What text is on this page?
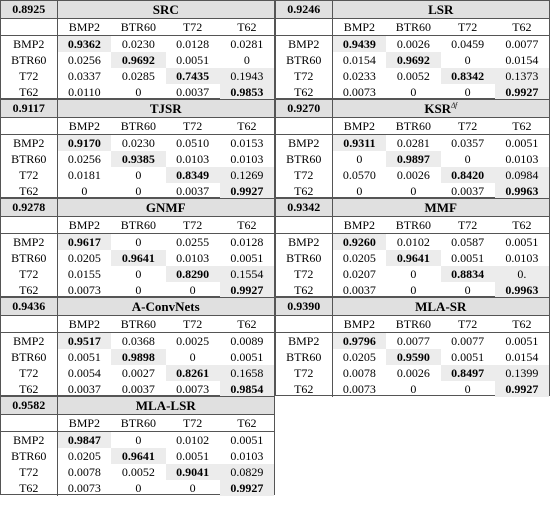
0.8925	SRC			
	BMP2	BTR60	T72	T62
BMP2	0.9362	0.0230	0.0128	0.0281
BTR60	0.0256	0.9692	0.0051	0
T72	0.0337	0.0285	0.7435	0.1943
T62	0.0110	0	0.0037	0.9853
0.9246	LSR			
	BMP2	BTR60	T72	T62
BMP2	0.9439	0.0026	0.0459	0.0077
BTR60	0.0154	0.9692	0	0.0154
T72	0.0233	0.0052	0.8342	0.1373
T62	0.0073	0	0	0.9927
0.9117	TJSR			
	BMP2	BTR60	T72	T62
BMP2	0.9170	0.0230	0.0510	0.0153
BTR60	0.0256	0.9385	0.0103	0.0103
T72	0.0181	0	0.8349	0.1269
T62	0	0	0.0037	0.9927
0.9270	$KSR^{\Delta f}$
	BMP2	BTR60	T72	T62
BMP2	0.9311	0.0281	0.0357	0.0051
BTR60	0	0.9897	0	0.0103
T72	0.0570	0.0026	0.8420	0.0984
T62	0	0	0.0037	0.9963
0.9278	GNMF			
	BMP2	BTR60	T72	T62
BMP2	0.9617	0	0.0255	0.0128
BTR60	0.0205	0.9641	0.0103	0.0051
T72	0.0155	0	0.8290	0.1554
T62	0.0073	0	0	0.9927
0.9342	MMF			
	BMP2	BTR60	T72	T62
BMP2	0.9260	0.0102	0.0587	0.0051
BTR60	0.0205	0.9641	0.0051	0.0103
T72	0.0207	0	0.8834	0.
T62	0.0037	0	0	0.9963
0.9436	A-ConvNets			
	BMP2	BTR60	T72	T62
BMP2	0.9517	0.0368	0.0025	0.0089
BTR60	0.0051	0.9898	0	0.0051
T72	0.0054	0.0027	0.8261	0.1658
T62	0.0037	0.0037	0.0073	0.9854
0.9390	MLA-SR			
	BMP2	BTR60	T72	T62
BMP2	0.9796	0.0077	0.0077	0.0051
BTR60	0.0205	0.9590	0.0051	0.0154
T72	0.0078	0.0026	0.8497	0.1399
T62	0.0073	0	0	0.9927
0.9582	MLA-LSR			
	BMP2	BTR60	T72	T62
BMP2	0.9847	0	0.0102	0.0051
BTR60	0.0205	0.9641	0.0051	0.0103
T72	0.0078	0.0052	0.9041	0.0829
T62	0.0073	0	0	0.9927
